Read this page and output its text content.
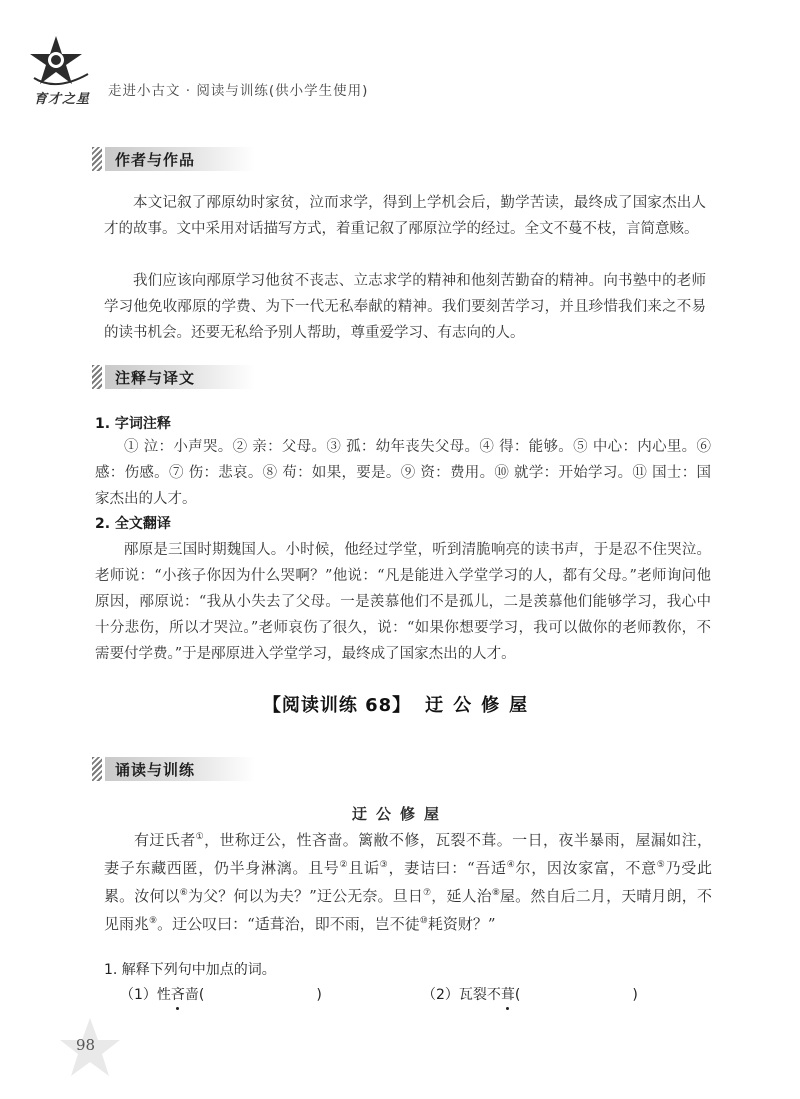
育才之星
走进小古文 · 阅读与训练(供小学生使用)
作者与作品
本文记叙了邴原幼时家贫，泣而求学，得到上学机会后，勤学苦读，最终成了国家杰出人才的故事。文中采用对话描写方式，着重记叙了邴原泣学的经过。全文不蔓不枝，言简意赅。
我们应该向邴原学习他贫不丧志、立志求学的精神和他刻苦勤奋的精神。向书塾中的老师学习他免收邴原的学费、为下一代无私奉献的精神。我们要刻苦学习，并且珍惜我们来之不易的读书机会。还要无私给予别人帮助，尊重爱学习、有志向的人。
注释与译文
1. 字词注释
① 泣：小声哭。② 亲：父母。③ 孤：幼年丧失父母。④ 得：能够。⑤ 中心：内心里。⑥ 感：伤感。⑦ 伤：悲哀。⑧ 苟：如果，要是。⑨ 资：费用。⑩ 就学：开始学习。⑪ 国士：国家杰出的人才。
2. 全文翻译
邴原是三国时期魏国人。小时候，他经过学堂，听到清脆响亮的读书声，于是忍不住哭泣。老师说：“小孩子你因为什么哭啊？”他说：“凡是能进入学堂学习的人，都有父母。”老师询问他原因，邴原说：“我从小失去了父母。一是羡慕他们不是孤儿，二是羡慕他们能够学习，我心中十分悲伤，所以才哭泣。”老师哀伤了很久，说：“如果你想要学习，我可以做你的老师教你，不需要付学费。”于是邴原进入学堂学习，最终成了国家杰出的人才。
【阅读训练 68】 迂公修屋
诵读与训练
迂公修屋
有迂氏者①，世称迂公，性吝啬。篱敝不修，瓦裂不葺。一日，夜半暴雨，屋漏如注，妻子东藏西匿，仍半身淋漓。且号②且诟③，妻诘曰：“吾适④尔，因汝家富，不意⑤乃受此累。汝何以⑥为父？何以为夫？”迂公无奈。旦日⑦，延人治⑧屋。然自后二月，天晴月朗，不见雨兆⑨。迂公叹曰：“适葺治，即不雨，岂不徒⑩耗资财？”
1. 解释下列句中加点的词。
（1）性吝啬(　　　　　　　　)	（2）瓦裂不葺(　　　　　　　　)
98
